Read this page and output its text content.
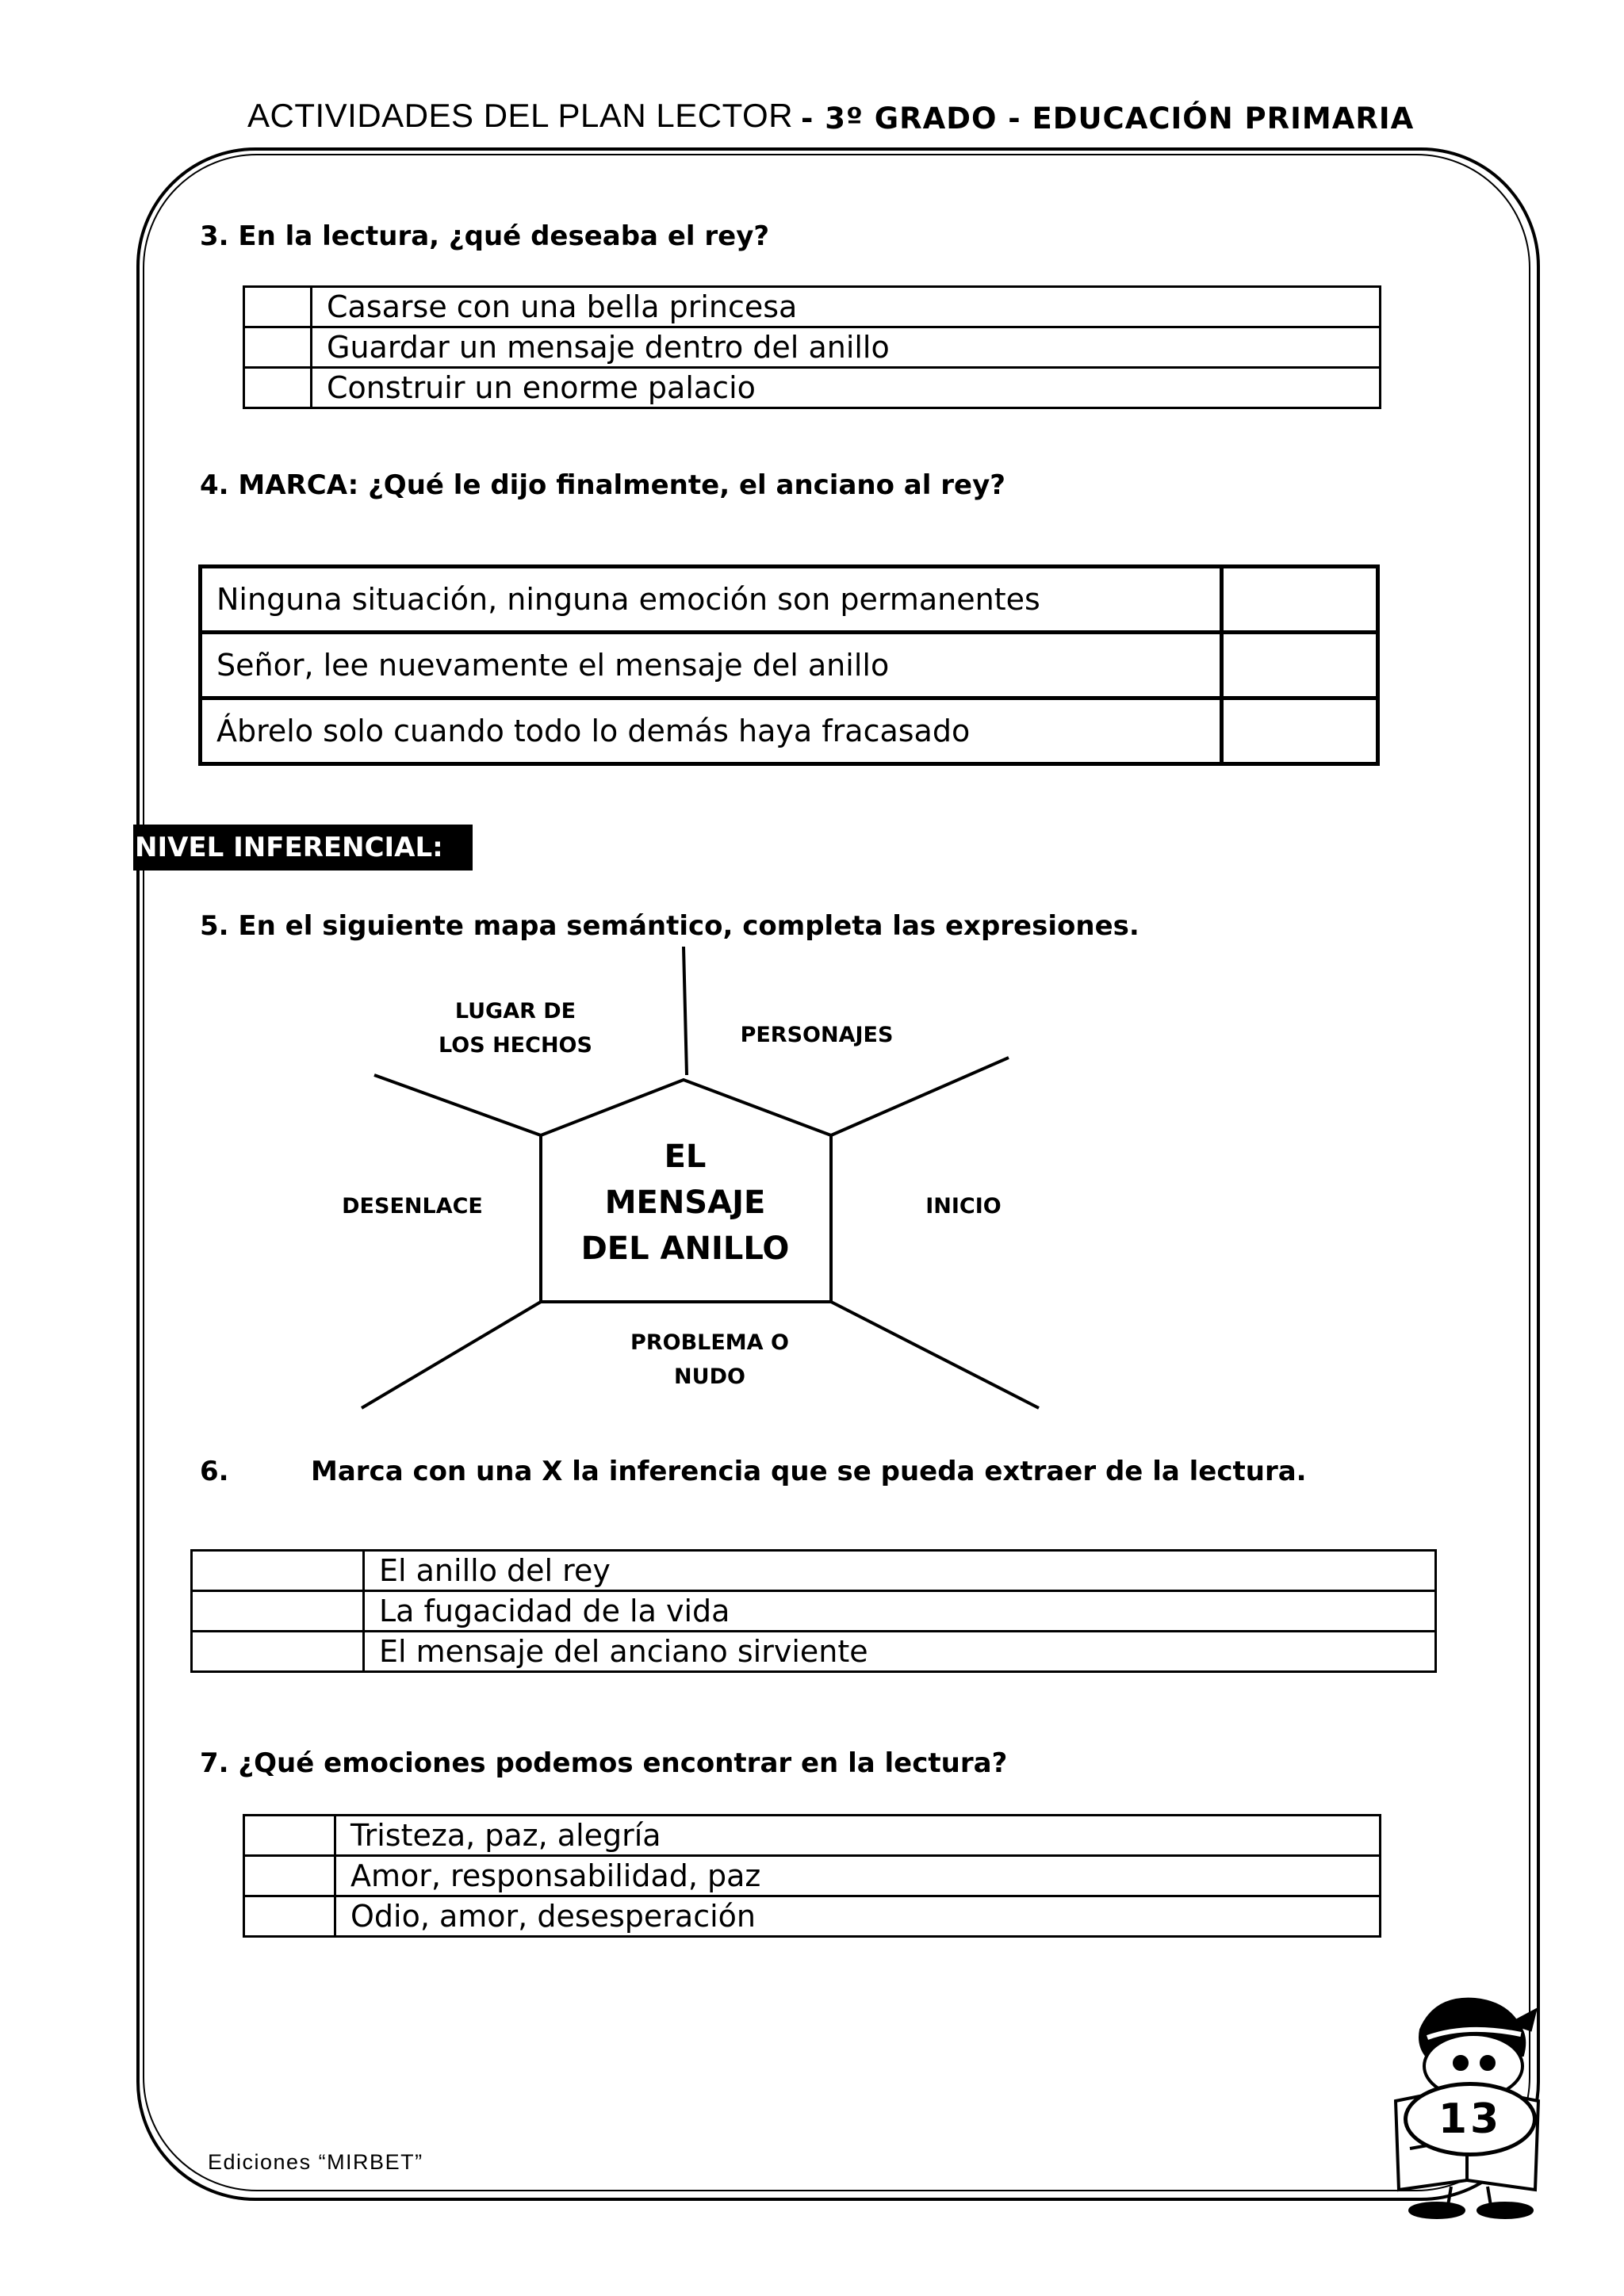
ACTIVIDADES DEL PLAN LECTOR - 3º GRADO - EDUCACIÓN PRIMARIA
3. En la lectura, ¿qué deseaba el rey?
	Casarse con una bella princesa
	Guardar un mensaje dentro del anillo
	Construir un enorme palacio
4. MARCA: ¿Qué le dijo finalmente, el anciano al rey?
Ninguna situación, ninguna emoción son permanentes	
Señor, lee nuevamente el mensaje del anillo	
Ábrelo solo cuando todo lo demás haya fracasado	
NIVEL INFERENCIAL:
5. En el siguiente mapa semántico, completa las expresiones.
EL
MENSAJE
DEL ANILLO
LUGAR DE
LOS HECHOS	PERSONAJES
DESENLACE	INICIO
PROBLEMA O
NUDO
6.	Marca con una X la inferencia que se pueda extraer de la lectura.
	El anillo del rey
	La fugacidad de la vida
	El mensaje del anciano sirviente
7. ¿Qué emociones podemos encontrar en la lectura?
	Tristeza, paz, alegría
	Amor, responsabilidad, paz
	Odio, amor, desesperación
13
Ediciones “MIRBET”
